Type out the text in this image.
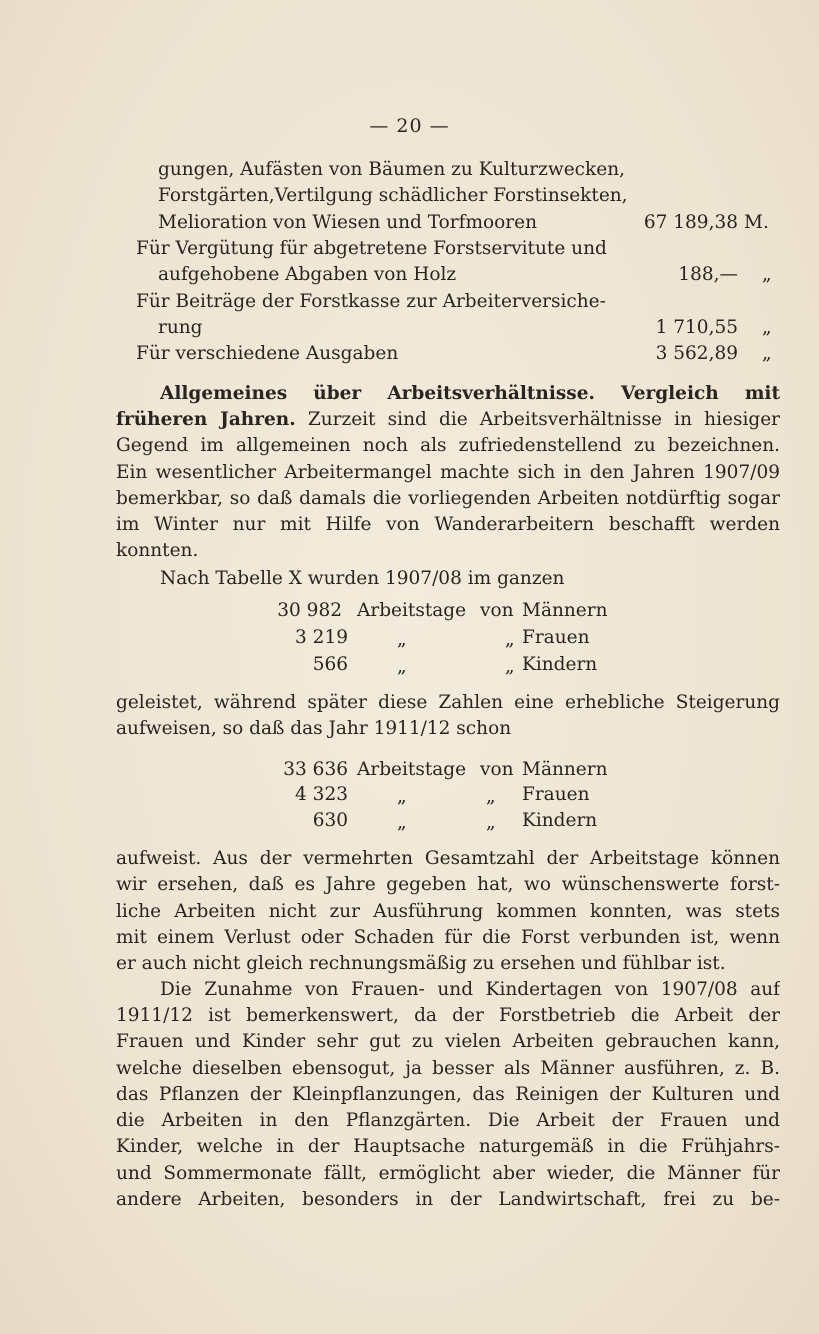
— 20 —
gungen, Aufästen von Bäumen zu Kulturzwecken,
Forstgärten,Vertilgung schädlicher Forstinsekten,
Melioration von Wiesen und Torfmooren	67 189,38 M.
Für Vergütung für abgetretene Forstservitute und
aufgehobene Abgaben von Holz	188,— „
Für Beiträge der Forstkasse zur Arbeiterversiche-
rung	1 710,55 „
Für verschiedene Ausgaben	3 562,89 „
Allgemeines über Arbeitsverhältnisse. Vergleich mit
früheren Jahren. Zurzeit sind die Arbeitsverhältnisse in hiesiger
Gegend im allgemeinen noch als zufriedenstellend zu bezeichnen.
Ein wesentlicher Arbeitermangel machte sich in den Jahren 1907/09
bemerkbar, so daß damals die vorliegenden Arbeiten notdürftig sogar
im Winter nur mit Hilfe von Wanderarbeitern beschafft werden
konnten.
Nach Tabelle X wurden 1907/08 im ganzen
30 982 Arbeitstage von Männern
3 219	„	„ Frauen
566	„	„ Kindern
geleistet, während später diese Zahlen eine erhebliche Steigerung
aufweisen, so daß das Jahr 1911/12 schon
33 636 Arbeitstage von Männern
4 323	„	„ Frauen
630	„	„ Kindern
aufweist. Aus der vermehrten Gesamtzahl der Arbeitstage können
wir ersehen, daß es Jahre gegeben hat, wo wünschenswerte forst-
liche Arbeiten nicht zur Ausführung kommen konnten, was stets
mit einem Verlust oder Schaden für die Forst verbunden ist, wenn
er auch nicht gleich rechnungsmäßig zu ersehen und fühlbar ist.
Die Zunahme von Frauen- und Kindertagen von 1907/08 auf
1911/12 ist bemerkenswert, da der Forstbetrieb die Arbeit der
Frauen und Kinder sehr gut zu vielen Arbeiten gebrauchen kann,
welche dieselben ebensogut, ja besser als Männer ausführen, z. B.
das Pflanzen der Kleinpflanzungen, das Reinigen der Kulturen und
die Arbeiten in den Pflanzgärten. Die Arbeit der Frauen und
Kinder, welche in der Hauptsache naturgemäß in die Frühjahrs-
und Sommermonate fällt, ermöglicht aber wieder, die Männer für
andere Arbeiten, besonders in der Landwirtschaft, frei zu be-
